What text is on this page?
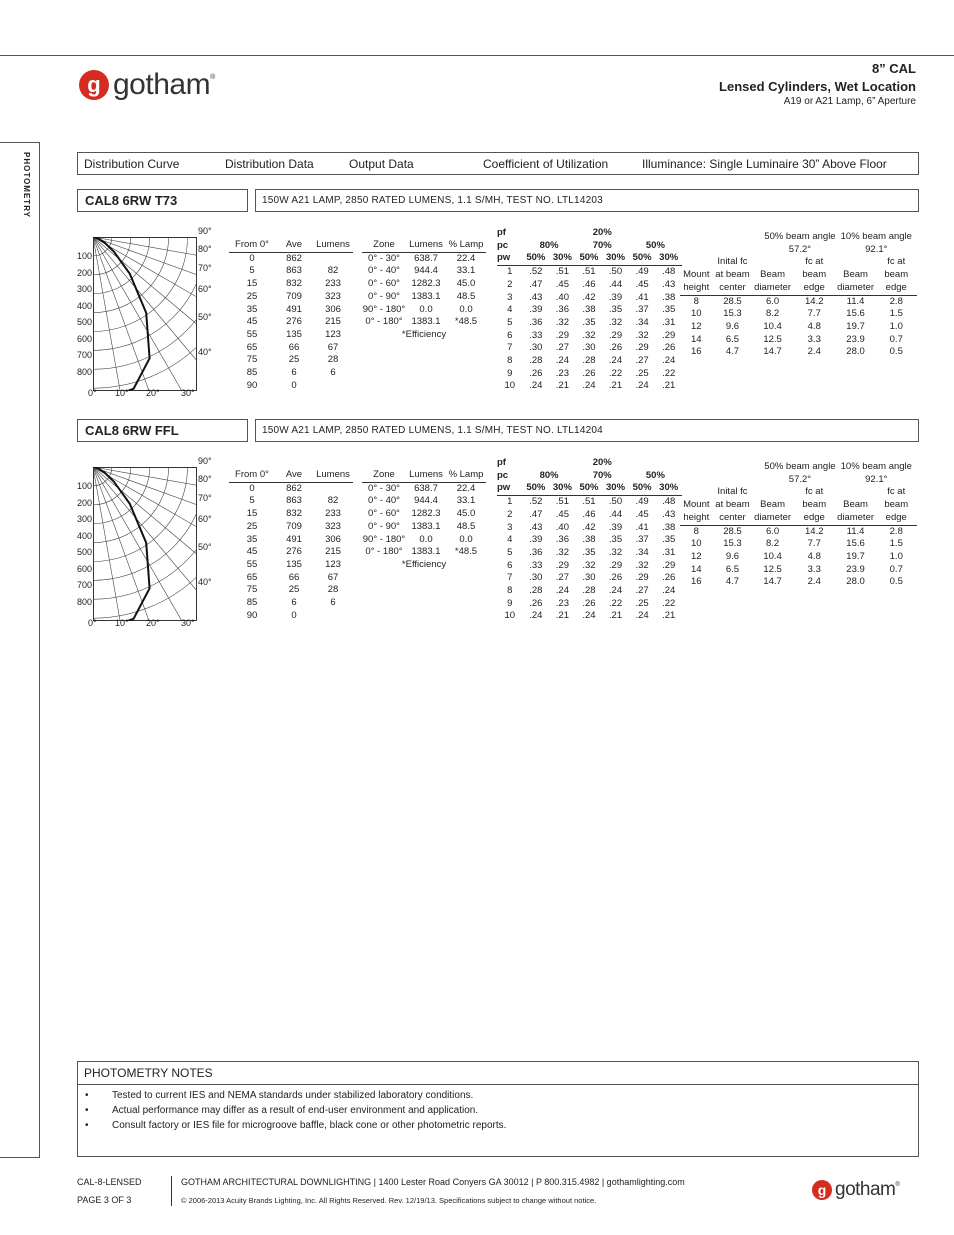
g gotham®
8” CAL
Lensed Cylinders, Wet Location
A19 or A21 Lamp, 6” Aperture
PHOTOMETRY	Distribution Curve	Distribution Data	Output Data	Coefficient of Utilization	Illuminance: Single Luminaire 30” Above Floor
CAL8 6RW T73	150W A21 LAMP, 2850 RATED LUMENS, 1.1 S/MH, TEST NO. LTL14203
90°
80°
70°
60°
50°
40°
100
200
300
400
500
600
700
800
0° 10° 20° 30°
From 0°	Ave	Lumens
0	862	
5	863	82
15	832	233
25	709	323
35	491	306
45	276	215
55	135	123
65	66	67
75	25	28
85	6	6
90	0	
Zone	Lumens	% Lamp
0° - 30°	638.7	22.4
0° - 40°	944.4	33.1
0° - 60°	1282.3	45.0
0° - 90°	1383.1	48.5
90° - 180°	0.0	0.0
0° - 180°	1383.1	*48.5
*Efficiency		
pf	20%					
pc	80%		70%		50%	
pw	50%	30%	50%	30%	50%	30%
1	.52	.51	.51	.50	.49	.48
2	.47	.45	.46	.44	.45	.43
3	.43	.40	.42	.39	.41	.38
4	.39	.36	.38	.35	.37	.35
5	.36	.32	.35	.32	.34	.31
6	.33	.29	.32	.29	.32	.29
7	.30	.27	.30	.26	.29	.26
8	.28	.24	.28	.24	.27	.24
9	.26	.23	.26	.22	.25	.22
10	.24	.21	.24	.21	.24	.21
		50% beam angle		10% beam angle	
		57.2°		92.1°	
	Inital fc		fc at		fc at
Mount	at beam	Beam	beam	Beam	beam
height	center	diameter	edge	diameter	edge
8	28.5	6.0	14.2	11.4	2.8
10	15.3	8.2	7.7	15.6	1.5
12	9.6	10.4	4.8	19.7	1.0
14	6.5	12.5	3.3	23.9	0.7
16	4.7	14.7	2.4	28.0	0.5
CAL8 6RW FFL	150W A21 LAMP, 2850 RATED LUMENS, 1.1 S/MH, TEST NO. LTL14204
90°
80°
70°
60°
50°
40°
100
200
300
400
500
600
700
800
0° 10° 20° 30°
From 0°	Ave	Lumens
0	862	
5	863	82
15	832	233
25	709	323
35	491	306
45	276	215
55	135	123
65	66	67
75	25	28
85	6	6
90	0	
Zone	Lumens	% Lamp
0° - 30°	638.7	22.4
0° - 40°	944.4	33.1
0° - 60°	1282.3	45.0
0° - 90°	1383.1	48.5
90° - 180°	0.0	0.0
0° - 180°	1383.1	*48.5
*Efficiency		
pf	20%					
pc	80%		70%		50%	
pw	50%	30%	50%	30%	50%	30%
1	.52	.51	.51	.50	.49	.48
2	.47	.45	.46	.44	.45	.43
3	.43	.40	.42	.39	.41	.38
4	.39	.36	.38	.35	.37	.35
5	.36	.32	.35	.32	.34	.31
6	.33	.29	.32	.29	.32	.29
7	.30	.27	.30	.26	.29	.26
8	.28	.24	.28	.24	.27	.24
9	.26	.23	.26	.22	.25	.22
10	.24	.21	.24	.21	.24	.21
		50% beam angle		10% beam angle	
		57.2°		92.1°	
	Inital fc		fc at		fc at
Mount	at beam	Beam	beam	Beam	beam
height	center	diameter	edge	diameter	edge
8	28.5	6.0	14.2	11.4	2.8
10	15.3	8.2	7.7	15.6	1.5
12	9.6	10.4	4.8	19.7	1.0
14	6.5	12.5	3.3	23.9	0.7
16	4.7	14.7	2.4	28.0	0.5
PHOTOMETRY NOTES
• Tested to current IES and NEMA standards under stabilized laboratory conditions.
• Actual performance may differ as a result of end-user environment and application.
• Consult factory or IES file for microgroove baffle, black cone or other photometric reports.
CAL-8-LENSED
PAGE 3 OF 3
GOTHAM ARCHITECTURAL DOWNLIGHTING | 1400 Lester Road Conyers GA 30012 | P 800.315.4982 | gothamlighting.com
© 2006-2013 Acuity Brands Lighting, Inc. All Rights Reserved. Rev. 12/19/13. Specifications subject to change without notice.
g gotham®
